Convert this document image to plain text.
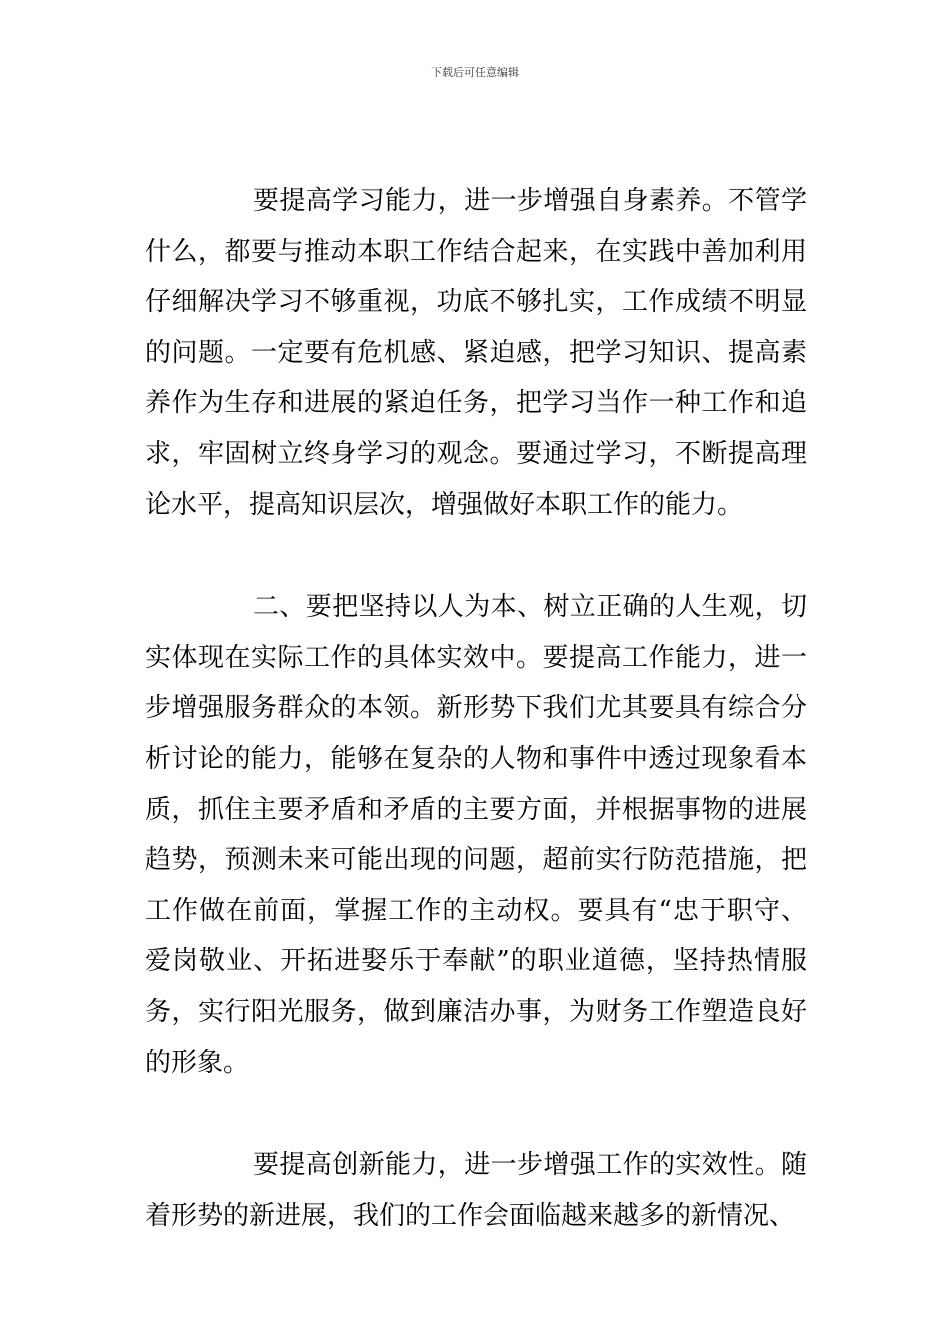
下载后可任意编辑

要提高学习能力，进一步增强自身素养。不管学什么，都要与推动本职工作结合起来，在实践中善加利用仔细解决学习不够重视，功底不够扎实，工作成绩不明显的问题。一定要有危机感、紧迫感，把学习知识、提高素养作为生存和进展的紧迫任务，把学习当作一种工作和追求，牢固树立终身学习的观念。要通过学习，不断提高理论水平，提高知识层次，增强做好本职工作的能力。

二、要把坚持以人为本、树立正确的人生观，切实体现在实际工作的具体实效中。要提高工作能力，进一步增强服务群众的本领。新形势下我们尤其要具有综合分析讨论的能力，能够在复杂的人物和事件中透过现象看本质，抓住主要矛盾和矛盾的主要方面，并根据事物的进展趋势，预测未来可能出现的问题，超前实行防范措施，把工作做在前面，掌握工作的主动权。要具有“忠于职守、爱岗敬业、开拓进娶乐于奉献”的职业道德，坚持热情服务，实行阳光服务，做到廉洁办事，为财务工作塑造良好的形象。

要提高创新能力，进一步增强工作的实效性。随着形势的新进展，我们的工作会面临越来越多的新情况、
